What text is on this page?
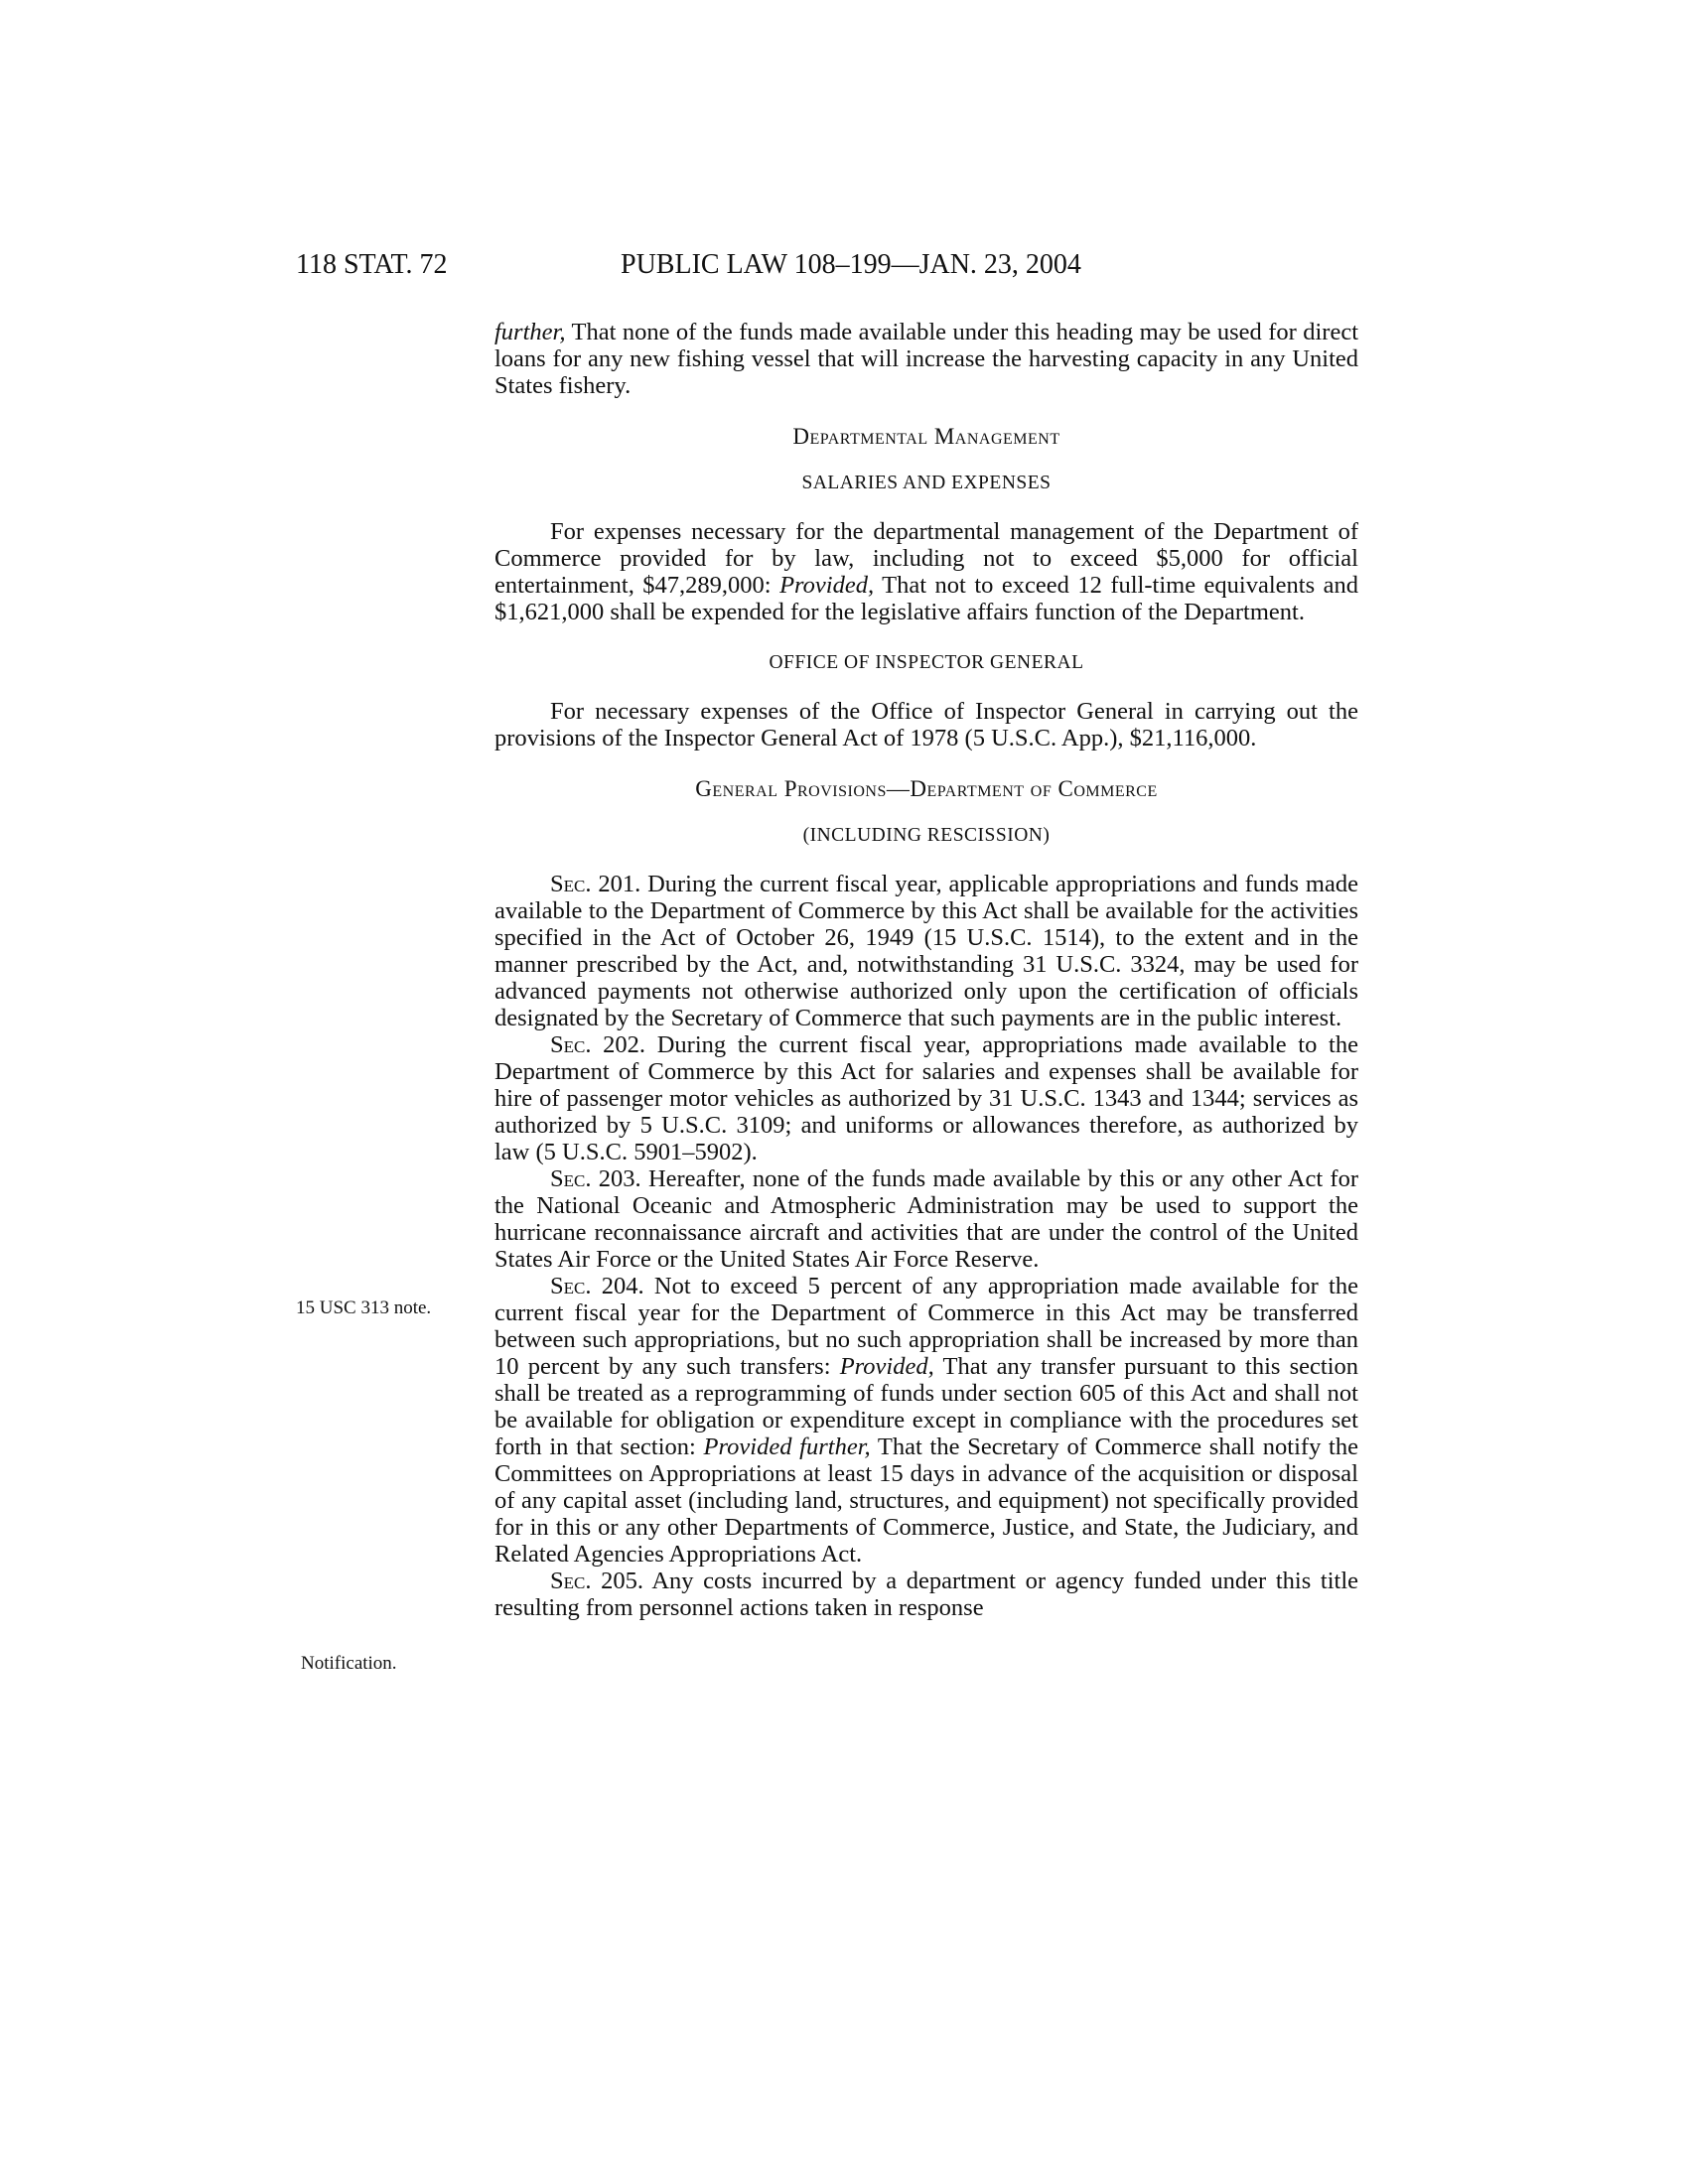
118 STAT. 72	PUBLIC LAW 108–199—JAN. 23, 2004
15 USC 313 note.
Notification.

further, That none of the funds made available under this heading may be used for direct loans for any new fishing vessel that will increase the harvesting capacity in any United States fishery.

Departmental Management
SALARIES AND EXPENSES

For expenses necessary for the departmental management of the Department of Commerce provided for by law, including not to exceed $5,000 for official entertainment, $47,289,000: Provided, That not to exceed 12 full-time equivalents and $1,621,000 shall be expended for the legislative affairs function of the Department.

OFFICE OF INSPECTOR GENERAL

For necessary expenses of the Office of Inspector General in carrying out the provisions of the Inspector General Act of 1978 (5 U.S.C. App.), $21,116,000.

General Provisions—Department of Commerce
(INCLUDING RESCISSION)

Sec. 201. During the current fiscal year, applicable appropriations and funds made available to the Department of Commerce by this Act shall be available for the activities specified in the Act of October 26, 1949 (15 U.S.C. 1514), to the extent and in the manner prescribed by the Act, and, notwithstanding 31 U.S.C. 3324, may be used for advanced payments not otherwise authorized only upon the certification of officials designated by the Secretary of Commerce that such payments are in the public interest.

Sec. 202. During the current fiscal year, appropriations made available to the Department of Commerce by this Act for salaries and expenses shall be available for hire of passenger motor vehicles as authorized by 31 U.S.C. 1343 and 1344; services as authorized by 5 U.S.C. 3109; and uniforms or allowances therefore, as authorized by law (5 U.S.C. 5901–5902).

Sec. 203. Hereafter, none of the funds made available by this or any other Act for the National Oceanic and Atmospheric Administration may be used to support the hurricane reconnaissance aircraft and activities that are under the control of the United States Air Force or the United States Air Force Reserve.

Sec. 204. Not to exceed 5 percent of any appropriation made available for the current fiscal year for the Department of Commerce in this Act may be transferred between such appropriations, but no such appropriation shall be increased by more than 10 percent by any such transfers: Provided, That any transfer pursuant to this section shall be treated as a reprogramming of funds under section 605 of this Act and shall not be available for obligation or expenditure except in compliance with the procedures set forth in that section: Provided further, That the Secretary of Commerce shall notify the Committees on Appropriations at least 15 days in advance of the acquisition or disposal of any capital asset (including land, structures, and equipment) not specifically provided for in this or any other Departments of Commerce, Justice, and State, the Judiciary, and Related Agencies Appropriations Act.

Sec. 205. Any costs incurred by a department or agency funded under this title resulting from personnel actions taken in response
